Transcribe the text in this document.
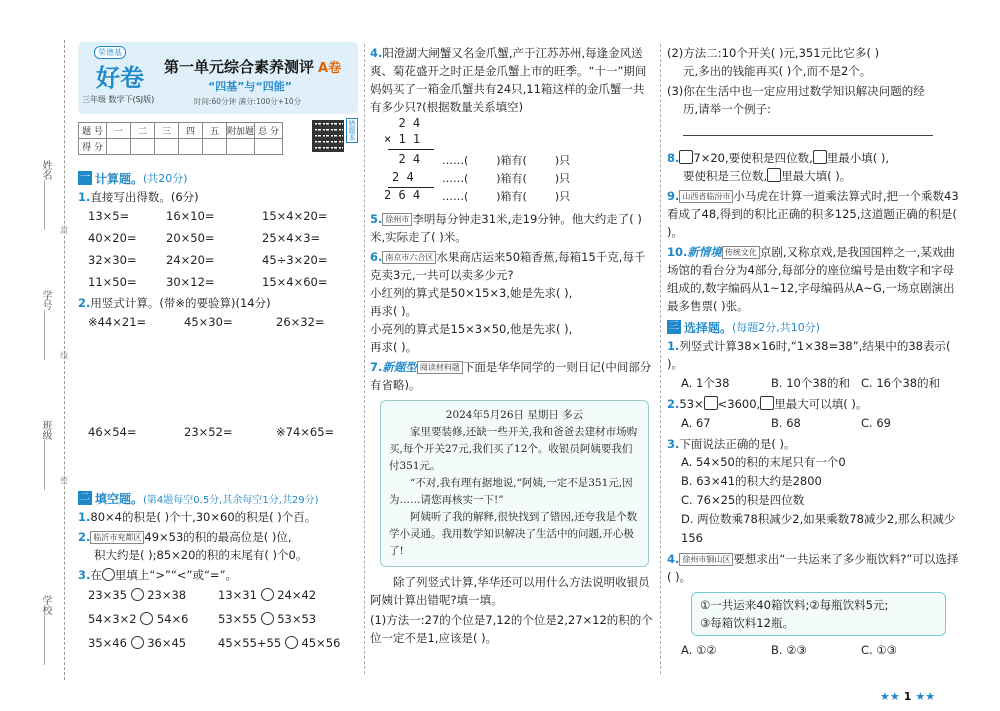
姓名
学号
班级
学校
封
线
密
荣德基
好卷
三年级 数学下(SJ版)
第一单元综合素养测评 A卷
“四基”与“四能”
时间:60分钟 满分:100分+10分
题 号	一	二	三	四	五	附加题	总 分
得 分							
错题本
一 计算题。 (共20分)
1.直接写出得数。(6分)
13×5=	16×10=	15×4×20=
40×20=	20×50=	25×4×3=
32×30=	24×20=	45÷3×20=
11×50=	30×12=	15×4×60=
2.用竖式计算。(带※的要验算)(14分)
※44×21=	45×30=	26×32=
46×54=	23×52=	※74×65=
二 填空题。 (第4题每空0.5分,其余每空1分,共29分)
1.80×4的积是( )个十,30×60的积是( )个百。
2. 临沂市兖都区 49×53的积的最高位是( )位,
积大约是( );85×20的积的末尾有( )个0。
3.在 里填上“>”“<”或“=”。
23×35 23×38	13×31 24×42
54×3×2 54×6	53×55 53×53
35×46 36×45	45×55+55 45×56
4.阳澄湖大闸蟹又名金爪蟹,产于江苏苏州,每逢金风送爽、菊花盛开之时正是金爪蟹上市的旺季。“十一”期间妈妈买了一箱金爪蟹共有24只,11箱这样的金爪蟹一共有多少只?(根据数量关系填空)
2 4
× 1 1
2 4 ……(        )箱有(        )只
2 4	……(        )箱有(        )只
2 6 4 ……(        )箱有(        )只
5. 徐州市 李明每分钟走31米,走19分钟。他大约走了( )米,实际走了( )米。
6. 南京市六合区 水果商店运来50箱香蕉,每箱15千克,每千克卖3元,一共可以卖多少元?
小红列的算式是50×15×3,她是先求( ),
再求( )。
小亮列的算式是15×3×50,他是先求( ),
再求( )。
7.新题型 阅读材料题 下面是华华同学的一则日记(中间部分有省略)。
2024年5月26日 星期日 多云

家里要装修,还缺一些开关,我和爸爸去建材市场购买,每个开关27元,我们买了12个。收银员阿姨要我们付351元。

“不对,我有理有据地说,“阿姨,一定不是351元,因为……请您再核实一下!”

阿姨听了我的解释,很快找到了错因,还夸我是个数学小灵通。我用数学知识解决了生活中的问题,开心极了!

除了列竖式计算,华华还可以用什么方法说明收银员阿姨计算出错呢?填一填。
(1)方法一:27的个位是7,12的个位是2,27×12的积的个位一定不是1,应该是( )。
(2)方法二:10个开关( )元,351元比它多( )
元,多出的钱能再买( )个,而不是2个。
(3)你在生活中也一定应用过数学知识解决问题的经
历,请举一个例子:
8. 7×20,要使积是四位数, 里最小填( ),
要使积是三位数, 里最大填( )。
9. 山西省临汾市 小马虎在计算一道乘法算式时,把一个乘数43看成了48,得到的积比正确的积多125,这道题正确的积是( )。
10.新情境 传统文化 京剧,又称京戏,是我国国粹之一,某戏曲场馆的看台分为4部分,每部分的座位编号是由数字和字母组成的,数字编码从1~12,字母编码从A~G,一场京剧演出最多售票( )张。
三 选择题。 (每题2分,共10分)
1.列竖式计算38×16时,“1×38=38”,结果中的38表示( )。
A. 1个38	B. 10个38的和 C. 16个38的和
2.53× <3600, 里最大可以填( )。
A. 67	B. 68	C. 69
3.下面说法正确的是( )。
A. 54×50的积的末尾只有一个0
B. 63×41的积大约是2800
C. 76×25的积是四位数
D. 两位数乘78积减少2,如果乘数78减少2,那么积减少156
4. 徐州市铜山区 要想求出“一共运来了多少瓶饮料?”可以选择( )。
①一共运来40箱饮料;②每瓶饮料5元;
③每箱饮料12瓶。
A. ①②	B. ②③	C. ①③
★★ 1 ★★
